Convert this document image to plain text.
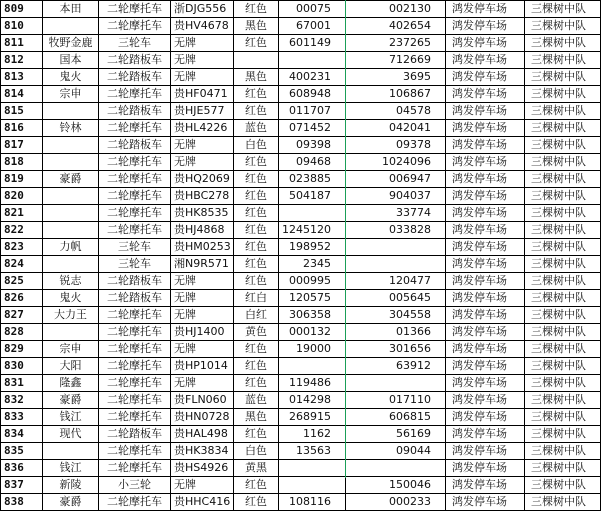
809	本田	二轮摩托车	浙DJG556	红色	00075	002130	鸿发停车场	三棵树中队
810		二轮摩托车	贵HV4678	黑色	67001	402654	鸿发停车场	三棵树中队
811	牧野金鹿	三轮车	无牌	红色	601149	237265	鸿发停车场	三棵树中队
812	国本	二轮踏板车	无牌			712669	鸿发停车场	三棵树中队
813	鬼火	二轮踏板车	无牌	黑色	400231	3695	鸿发停车场	三棵树中队
814	宗申	二轮摩托车	贵HF0471	红色	608948	106867	鸿发停车场	三棵树中队
815		二轮踏板车	贵HJE577	红色	011707	04578	鸿发停车场	三棵树中队
816	铃林	二轮摩托车	贵HL4226	蓝色	071452	042041	鸿发停车场	三棵树中队
817		二轮踏板车	无牌	白色	09398	09378	鸿发停车场	三棵树中队
818		二轮摩托车	无牌	红色	09468	1024096	鸿发停车场	三棵树中队
819	豪爵	二轮摩托车	贵HQ2069	红色	023885	006947	鸿发停车场	三棵树中队
820		二轮摩托车	贵HBC278	红色	504187	904037	鸿发停车场	三棵树中队
821		二轮摩托车	贵HK8535	红色		33774	鸿发停车场	三棵树中队
822		二轮摩托车	贵HJ4868	红色	1245120	033828	鸿发停车场	三棵树中队
823	力帆	三轮车	贵HM0253	红色	198952		鸿发停车场	三棵树中队
824		三轮车	湘N9R571	红色	2345		鸿发停车场	三棵树中队
825	锐志	二轮踏板车	无牌	红色	000995	120477	鸿发停车场	三棵树中队
826	鬼火	二轮踏板车	无牌	红白	120575	005645	鸿发停车场	三棵树中队
827	大力王	二轮摩托车	无牌	白红	306358	304558	鸿发停车场	三棵树中队
828		二轮摩托车	贵HJ1400	黄色	000132	01366	鸿发停车场	三棵树中队
829	宗申	二轮摩托车	无牌	红色	19000	301656	鸿发停车场	三棵树中队
830	大阳	二轮摩托车	贵HP1014	红色		63912	鸿发停车场	三棵树中队
831	隆鑫	二轮摩托车	无牌	红色	119486		鸿发停车场	三棵树中队
832	豪爵	二轮摩托车	贵FLN060	蓝色	014298	017110	鸿发停车场	三棵树中队
833	钱江	二轮摩托车	贵HN0728	黑色	268915	606815	鸿发停车场	三棵树中队
834	现代	二轮踏板车	贵HAL498	红色	1162	56169	鸿发停车场	三棵树中队
835		二轮摩托车	贵HK3834	白色	13563	09044	鸿发停车场	三棵树中队
836	钱江	二轮摩托车	贵HS4926	黄黑			鸿发停车场	三棵树中队
837	新陵	小三轮	无牌	红色		150046	鸿发停车场	三棵树中队
838	豪爵	二轮摩托车	贵HHC416	红色	108116	000233	鸿发停车场	三棵树中队
